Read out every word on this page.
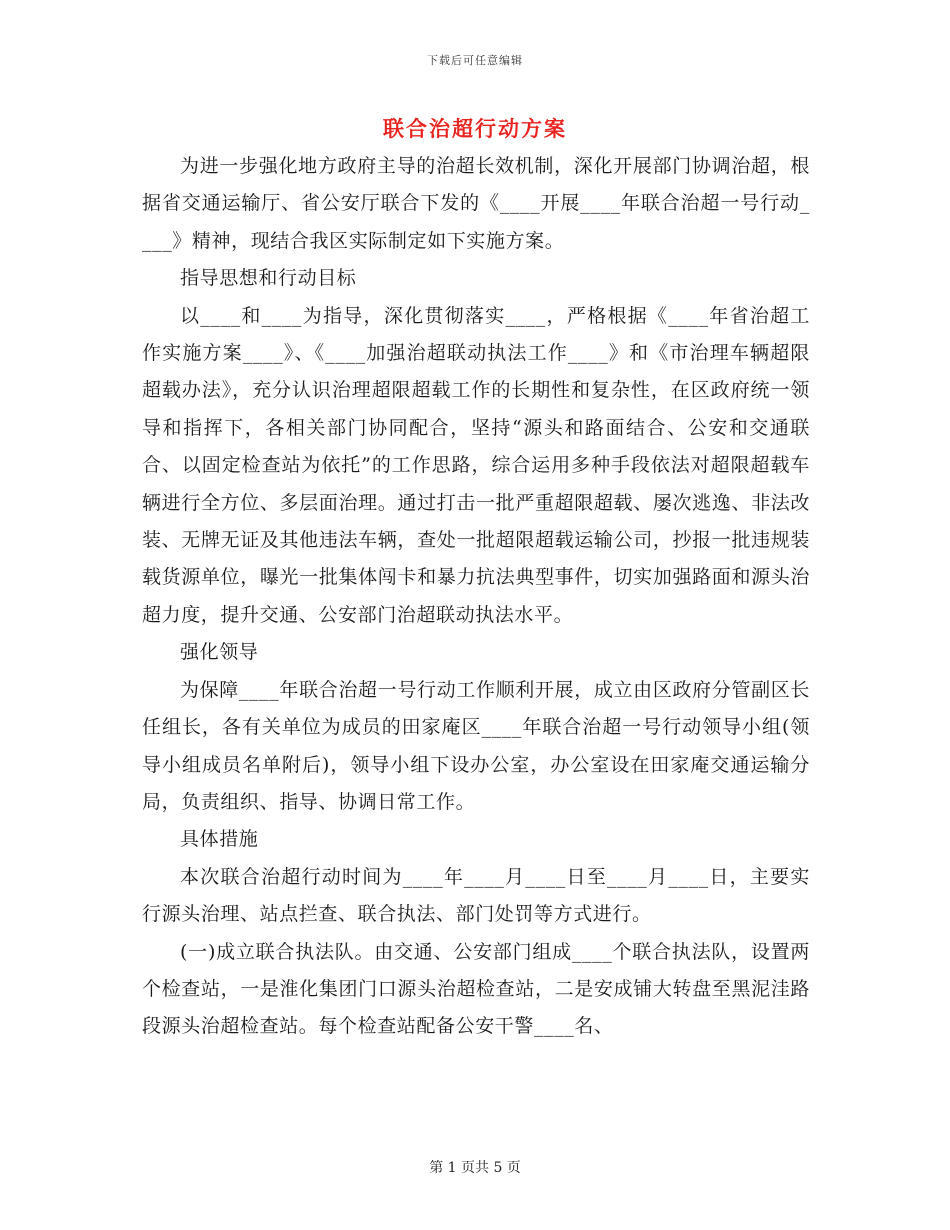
下载后可任意编辑
联合治超行动方案

为进一步强化地方政府主导的治超长效机制，深化开展部门协调治超，根据省交通运输厅、省公安厅联合下发的《____开展____年联合治超一号行动____》精神，现结合我区实际制定如下实施方案。

指导思想和行动目标

以____和____为指导，深化贯彻落实____，严格根据《____年省治超工作实施方案____》、《____加强治超联动执法工作____》和《市治理车辆超限超载办法》，充分认识治理超限超载工作的长期性和复杂性，在区政府统一领导和指挥下，各相关部门协同配合，坚持“源头和路面结合、公安和交通联合、以固定检查站为依托”的工作思路，综合运用多种手段依法对超限超载车辆进行全方位、多层面治理。通过打击一批严重超限超载、屡次逃逸、非法改装、无牌无证及其他违法车辆，查处一批超限超载运输公司，抄报一批违规装载货源单位，曝光一批集体闯卡和暴力抗法典型事件，切实加强路面和源头治超力度，提升交通、公安部门治超联动执法水平。

强化领导

为保障____年联合治超一号行动工作顺利开展，成立由区政府分管副区长任组长，各有关单位为成员的田家庵区____年联合治超一号行动领导小组(领导小组成员名单附后)，领导小组下设办公室，办公室设在田家庵交通运输分局，负责组织、指导、协调日常工作。

具体措施

本次联合治超行动时间为____年____月____日至____月____日，主要实行源头治理、站点拦查、联合执法、部门处罚等方式进行。

(一)成立联合执法队。由交通、公安部门组成____个联合执法队，设置两个检查站，一是淮化集团门口源头治超检查站，二是安成铺大转盘至黑泥洼路段源头治超检查站。每个检查站配备公安干警____名、

第 1 页共 5 页
